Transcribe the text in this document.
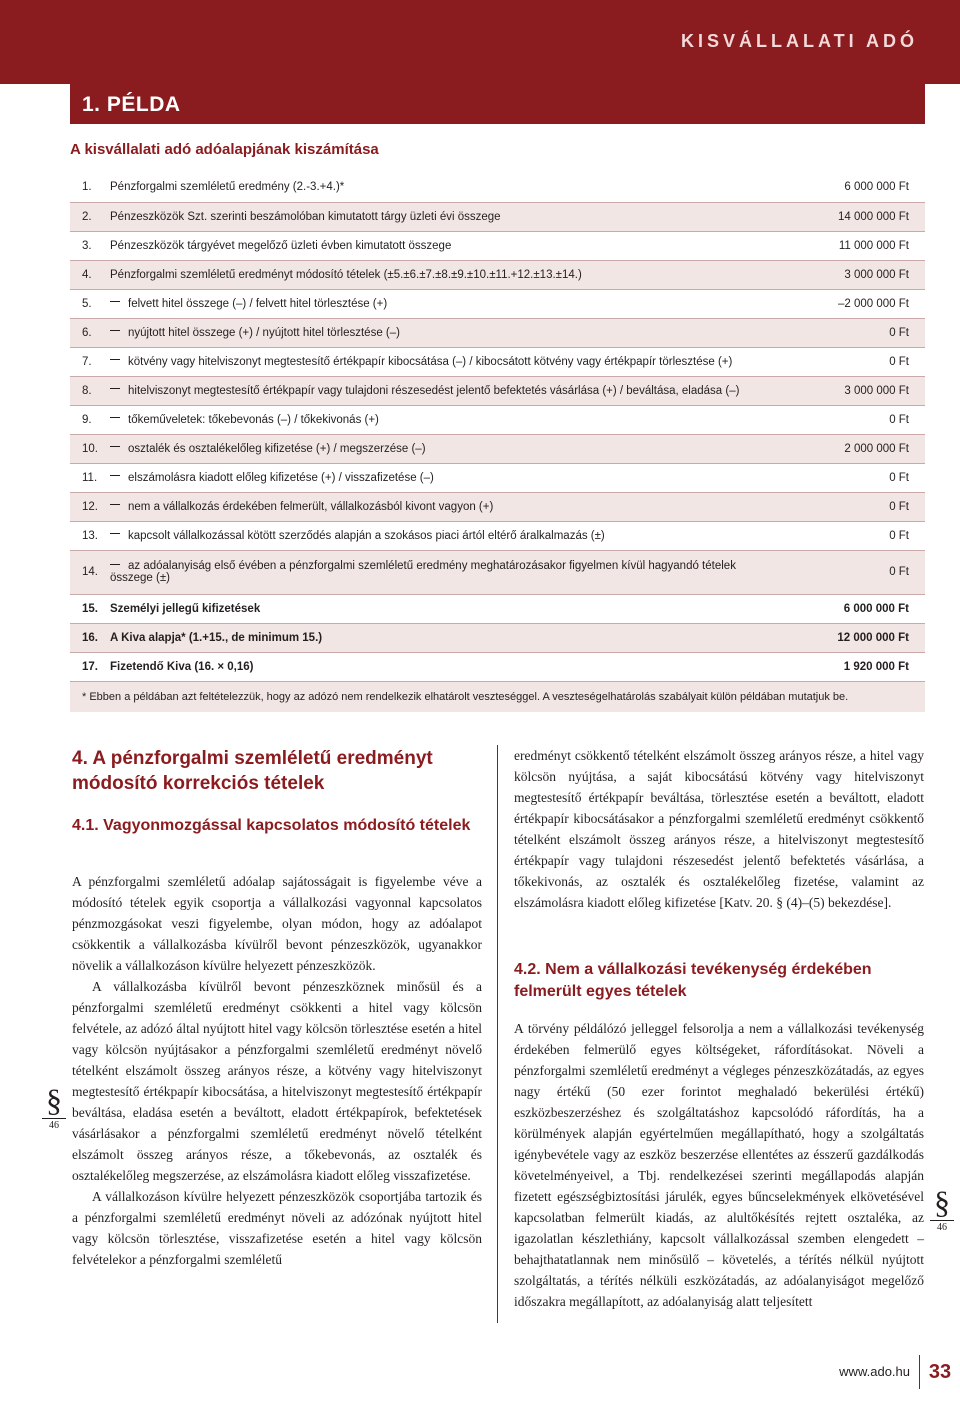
KISVÁLLALATI ADÓ
1. PÉLDA
A kisvállalati adó adóalapjának kiszámítása
1.	Pénzforgalmi szemléletű eredmény (2.-3.+4.)*	6 000 000 Ft
2.	Pénzeszközök Szt. szerinti beszámolóban kimutatott tárgy üzleti évi összege	14 000 000 Ft
3.	Pénzeszközök tárgyévet megelőző üzleti évben kimutatott összege	11 000 000 Ft
4.	Pénzforgalmi szemléletű eredményt módosító tételek (±5.±6.±7.±8.±9.±10.±11.+12.±13.±14.)	3 000 000 Ft
5.	felvett hitel összege (–) / felvett hitel törlesztése (+)	–2 000 000 Ft
6.	nyújtott hitel összege (+) / nyújtott hitel törlesztése (–)	0 Ft
7.	kötvény vagy hitelviszonyt megtestesítő értékpapír kibocsátása (–) / kibocsátott kötvény vagy értékpapír törlesztése (+)	0 Ft
8.	hitelviszonyt megtestesítő értékpapír vagy tulajdoni részesedést jelentő befektetés vásárlása (+) / beváltása, eladása (–)	3 000 000 Ft
9.	tőkeműveletek: tőkebevonás (–) / tőkekivonás (+)	0 Ft
10.	osztalék és osztalékelőleg kifizetése (+) / megszerzése (–)	2 000 000 Ft
11.	elszámolásra kiadott előleg kifizetése (+) / visszafizetése (–)	0 Ft
12.	nem a vállalkozás érdekében felmerült, vállalkozásból kivont vagyon (+)	0 Ft
13.	kapcsolt vállalkozással kötött szerződés alapján a szokásos piaci ártól eltérő áralkalmazás (±)	0 Ft
14.	az adóalanyiság első évében a pénzforgalmi szemléletű eredmény meghatározásakor figyelmen kívül hagyandó tételek összege (±)	0 Ft
15.	Személyi jellegű kifizetések	6 000 000 Ft
16.	A Kiva alapja* (1.+15., de minimum 15.)	12 000 000 Ft
17.	Fizetendő Kiva (16. × 0,16)	1 920 000 Ft
* Ebben a példában azt feltételezzük, hogy az adózó nem rendelkezik elhatárolt veszteséggel. A veszteségelhatárolás szabályait külön példában mutatjuk be.		
4. A pénzforgalmi szemléletű eredményt módosító korrekciós tételek
4.1. Vagyonmozgással kapcsolatos módosító tételek

A pénzforgalmi szemléletű adóalap sajátosságait is figyelembe véve a módosító tételek egyik csoportja a vállalkozási vagyonnal kapcsolatos pénzmozgásokat veszi figyelembe, olyan módon, hogy az adóalapot csökkentik a vállalkozásba kívülről bevont pénzeszközök, ugyanakkor növelik a vállalkozáson kívülre helyezett pénzeszközök.

A vállalkozásba kívülről bevont pénzeszköznek minősül és a pénzforgalmi szemléletű eredményt csökkenti a hitel vagy kölcsön felvétele, az adózó által nyújtott hitel vagy kölcsön törlesztése esetén a hitel vagy kölcsön nyújtásakor a pénzforgalmi szemléletű eredményt növelő tételként elszámolt összeg arányos része, a kötvény vagy hitelviszonyt megtestesítő értékpapír kibocsátása, a hitelviszonyt megtestesítő értékpapír beváltása, eladása esetén a beváltott, eladott értékpapírok, befektetések vásárlásakor a pénzforgalmi szemléletű eredményt növelő tételként elszámolt összeg arányos része, a tőkebevonás, az osztalék és osztalékelőleg megszerzése, az elszámolásra kiadott előleg visszafizetése.

A vállalkozáson kívülre helyezett pénzeszközök csoportjába tartozik és a pénzforgalmi szemléletű eredményt növeli az adózónak nyújtott hitel vagy kölcsön törlesztése, visszafizetése esetén a hitel vagy kölcsön felvételekor a pénzforgalmi szemléletű

eredményt csökkentő tételként elszámolt összeg arányos része, a hitel vagy kölcsön nyújtása, a saját kibocsátású kötvény vagy hitelviszonyt megtestesítő értékpapír beváltása, törlesztése esetén a beváltott, eladott értékpapír kibocsátásakor a pénzforgalmi szemléletű eredményt csökkentő tételként elszámolt összeg arányos része, a hitelviszonyt megtestesítő értékpapír vagy tulajdoni részesedést jelentő befektetés vásárlása, a tőkekivonás, az osztalék és osztalékelőleg fizetése, valamint az elszámolásra kiadott előleg kifizetése [Katv. 20. § (4)–(5) bekezdése].

4.2. Nem a vállalkozási tevékenység érdekében felmerült egyes tételek

A törvény példálózó jelleggel felsorolja a nem a vállalkozási tevékenység érdekében felmerülő egyes költségeket, ráfordításokat. Növeli a pénzforgalmi szemléletű eredményt a végleges pénzeszközátadás, az egyes nagy értékű (50 ezer forintot meghaladó bekerülési értékű) eszközbeszerzéshez és szolgáltatáshoz kapcsolódó ráfordítás, ha a körülmények alapján egyértelműen megállapítható, hogy a szolgáltatás igénybevétele vagy az eszköz beszerzése ellentétes az ésszerű gazdálkodás követelményeivel, a Tbj. rendelkezései szerinti megállapodás alapján fizetett egészségbiztosítási járulék, egyes bűncselekmények elkövetésével kapcsolatban felmerült kiadás, az alultőkésítés rejtett osztaléka, az igazolatlan készlethiány, kapcsolt vállalkozással szemben elengedett – behajthatatlannak nem minősülő – követelés, a térítés nélkül nyújtott szolgáltatás, a térítés nélküli eszközátadás, az adóalanyiságot megelőző időszakra megállapított, az adóalanyiság alatt teljesített

§
46
§
46
www.ado.hu 33
